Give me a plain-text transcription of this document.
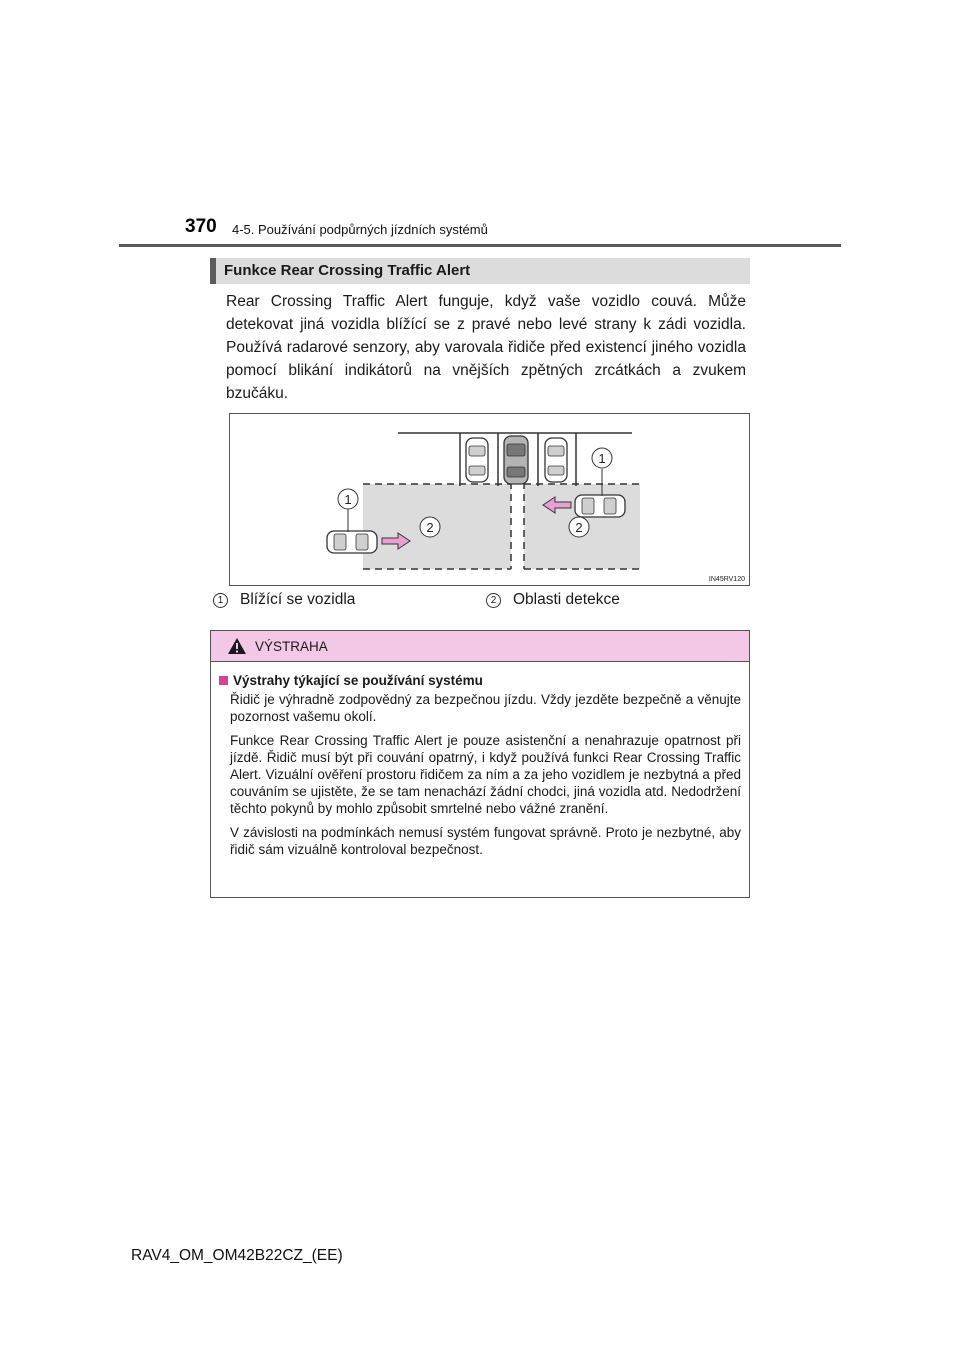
370 4-5. Používání podpůrných jízdních systémů
Funkce Rear Crossing Traffic Alert

Rear Crossing Traffic Alert funguje, když vaše vozidlo couvá. Může detekovat jiná vozidla blížící se z pravé nebo levé strany k zádi vozidla. Používá radarové senzory, aby varovala řidiče před existencí jiného vozidla pomocí blikání indikátorů na vnějších zpětných zrcátkách a zvukem bzučáku.

1
1
2	2
IN45RV120
1	Blížící se vozidla	2	Oblasti detekce
VÝSTRAHA
Výstrahy týkající se používání systému

Řidič je výhradně zodpovědný za bezpečnou jízdu. Vždy jezděte bezpečně a věnujte pozornost vašemu okolí.

Funkce Rear Crossing Traffic Alert je pouze asistenční a nenahrazuje opatrnost při jízdě. Řidič musí být při couvání opatrný, i když používá funkci Rear Crossing Traffic Alert. Vizuální ověření prostoru řidičem za ním a za jeho vozidlem je nezbytná a před couváním se ujistěte, že se tam nenachází žádní chodci, jiná vozidla atd. Nedodržení těchto pokynů by mohlo způsobit smrtelné nebo vážné zranění.

V závislosti na podmínkách nemusí systém fungovat správně. Proto je nezbytné, aby řidič sám vizuálně kontroloval bezpečnost.

RAV4_OM_OM42B22CZ_(EE)
